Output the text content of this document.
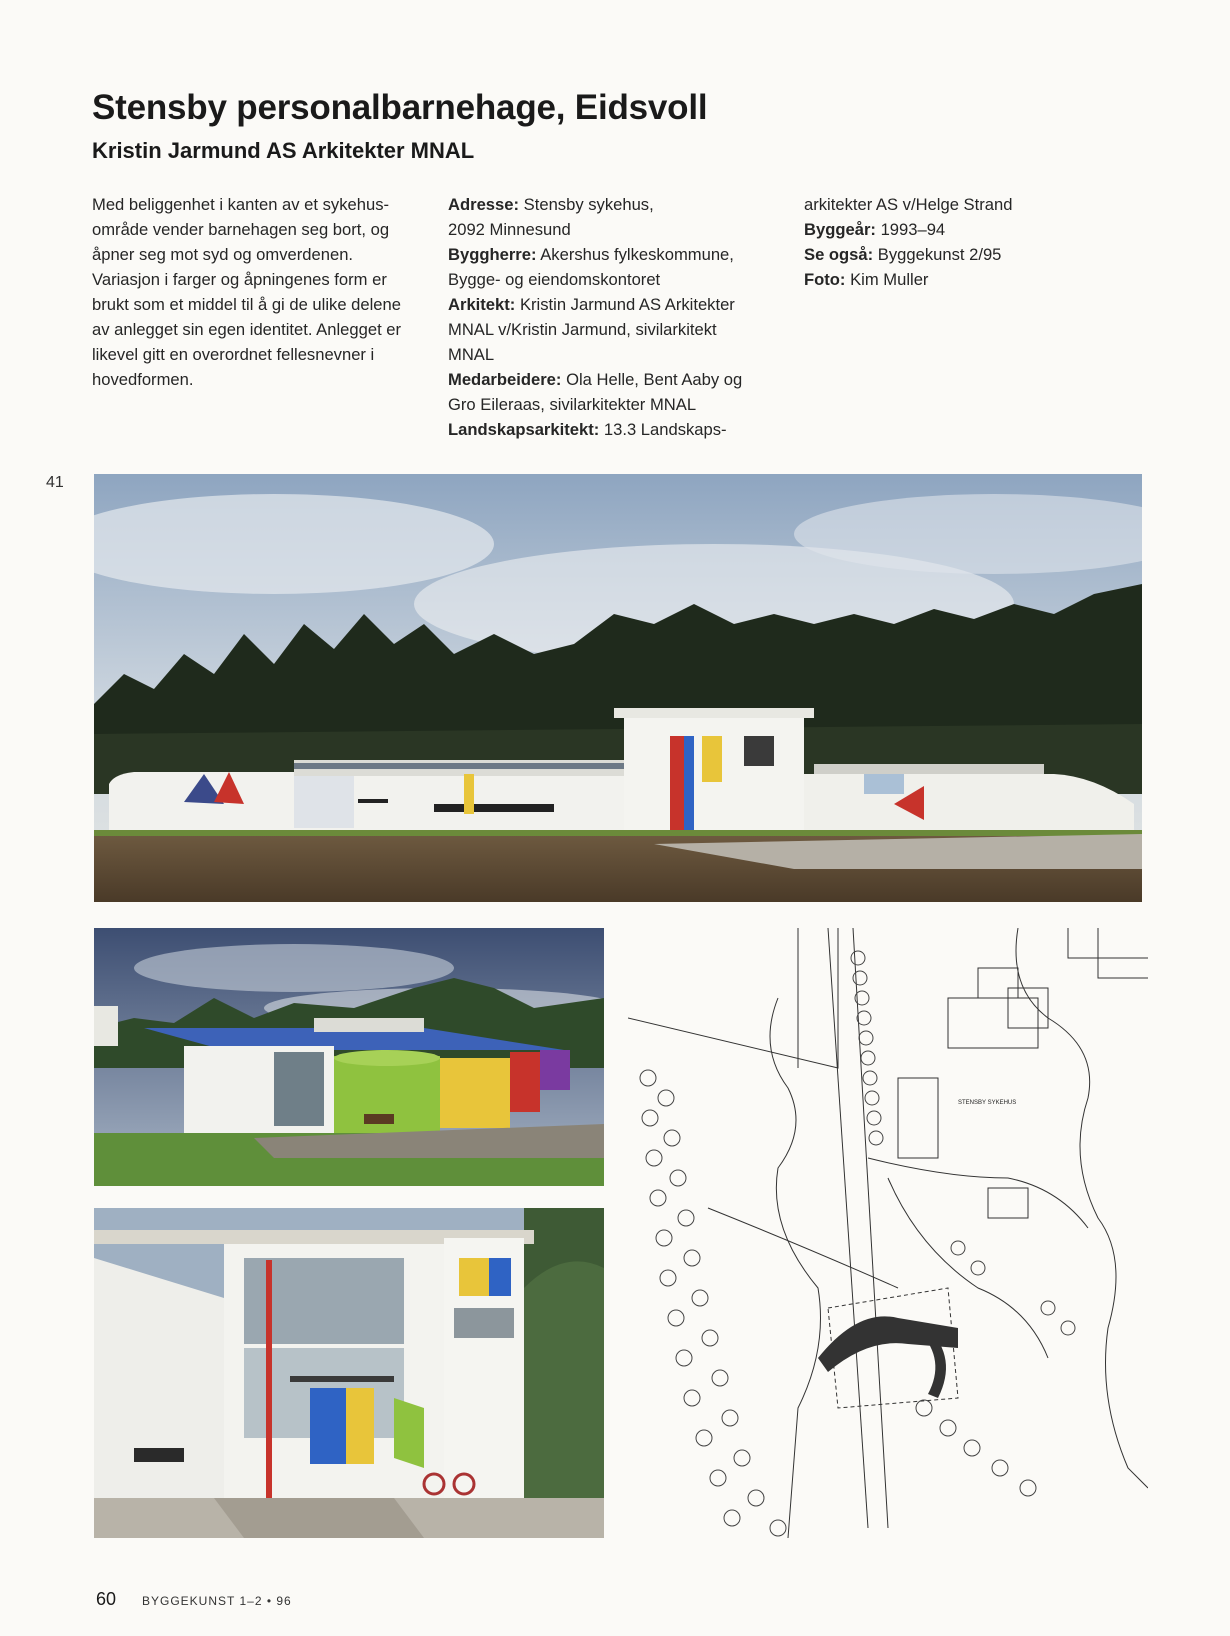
Stensby personalbarnehage, Eidsvoll
Kristin Jarmund AS Arkitekter MNAL
Med beliggenhet i kanten av et sykehus-
område vender barnehagen seg bort, og
åpner seg mot syd og omverdenen.
Variasjon i farger og åpningenes form er
brukt som et middel til å gi de ulike delene
av anlegget sin egen identitet. Anlegget er
likevel gitt en overordnet fellesnevner i
hovedformen.
Adresse: Stensby sykehus,
2092 Minnesund
Byggherre: Akershus fylkeskommune,
Bygge- og eiendomskontoret
Arkitekt: Kristin Jarmund AS Arkitekter
MNAL v/Kristin Jarmund, sivilarkitekt
MNAL
Medarbeidere: Ola Helle, Bent Aaby og
Gro Eileraas, sivilarkitekter MNAL
Landskapsarkitekt: 13.3 Landskaps-
arkitekter AS v/Helge Strand
Byggeår: 1993–94
Se også: Byggekunst 2/95
Foto: Kim Muller
41
STENSBY SYKEHUS
60 BYGGEKUNST 1–2 • 96
